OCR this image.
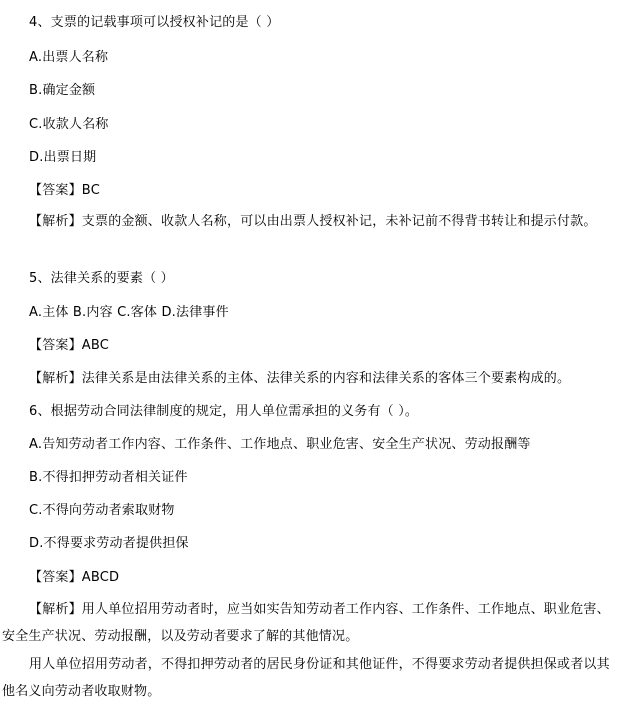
4、支票的记载事项可以授权补记的是（ ）
A.出票人名称
B.确定金额
C.收款人名称
D.出票日期
【答案】BC
【解析】支票的金额、收款人名称，可以由出票人授权补记，未补记前不得背书转让和提示付款。
5、法律关系的要素（ ）
A.主体 B.内容 C.客体 D.法律事件
【答案】ABC
【解析】法律关系是由法律关系的主体、法律关系的内容和法律关系的客体三个要素构成的。
6、根据劳动合同法律制度的规定，用人单位需承担的义务有（ ）。
A.告知劳动者工作内容、工作条件、工作地点、职业危害、安全生产状况、劳动报酬等
B.不得扣押劳动者相关证件
C.不得向劳动者索取财物
D.不得要求劳动者提供担保
【答案】ABCD
【解析】用人单位招用劳动者时，应当如实告知劳动者工作内容、工作条件、工作地点、职业危害、安全生产状况、劳动报酬，以及劳动者要求了解的其他情况。
用人单位招用劳动者，不得扣押劳动者的居民身份证和其他证件，不得要求劳动者提供担保或者以其他名义向劳动者收取财物。
